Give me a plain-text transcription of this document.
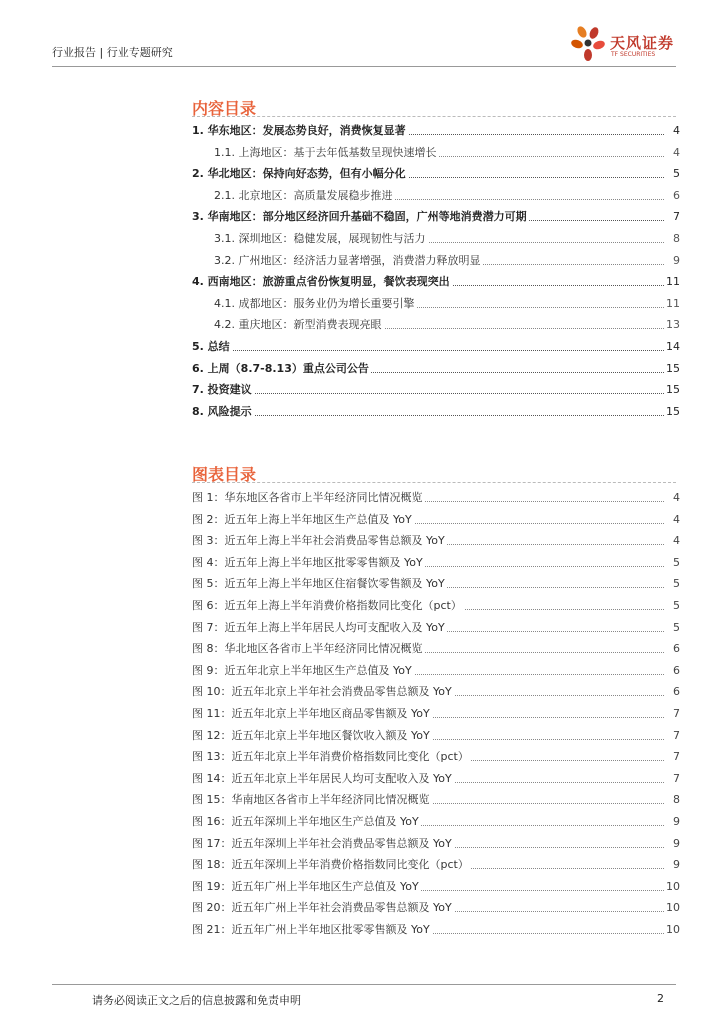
行业报告 | 行业专题研究
天风证券
TF SECURITIES
内容目录
1. 华东地区：发展态势良好，消费恢复显著	4
1.1. 上海地区：基于去年低基数呈现快速增长	4
2. 华北地区：保持向好态势，但有小幅分化	5
2.1. 北京地区：高质量发展稳步推进	6
3. 华南地区：部分地区经济回升基础不稳固，广州等地消费潜力可期	7
3.1. 深圳地区：稳健发展，展现韧性与活力	8
3.2. 广州地区：经济活力显著增强，消费潜力释放明显	9
4. 西南地区：旅游重点省份恢复明显，餐饮表现突出	11
4.1. 成都地区：服务业仍为增长重要引擎	11
4.2. 重庆地区：新型消费表现亮眼	13
5. 总结	14
6. 上周（8.7-8.13）重点公司公告	15
7. 投资建议	15
8. 风险提示	15
图表目录
图 1：华东地区各省市上半年经济同比情况概览	4
图 2：近五年上海上半年地区生产总值及 YoY	4
图 3：近五年上海上半年社会消费品零售总额及 YoY	4
图 4：近五年上海上半年地区批零零售额及 YoY	5
图 5：近五年上海上半年地区住宿餐饮零售额及 YoY	5
图 6：近五年上海上半年消费价格指数同比变化（pct）	5
图 7：近五年上海上半年居民人均可支配收入及 YoY	5
图 8：华北地区各省市上半年经济同比情况概览	6
图 9：近五年北京上半年地区生产总值及 YoY	6
图 10：近五年北京上半年社会消费品零售总额及 YoY	6
图 11：近五年北京上半年地区商品零售额及 YoY	7
图 12：近五年北京上半年地区餐饮收入额及 YoY	7
图 13：近五年北京上半年消费价格指数同比变化（pct）	7
图 14：近五年北京上半年居民人均可支配收入及 YoY	7
图 15：华南地区各省市上半年经济同比情况概览	8
图 16：近五年深圳上半年地区生产总值及 YoY	9
图 17：近五年深圳上半年社会消费品零售总额及 YoY	9
图 18：近五年深圳上半年消费价格指数同比变化（pct）	9
图 19：近五年广州上半年地区生产总值及 YoY	10
图 20：近五年广州上半年社会消费品零售总额及 YoY	10
图 21：近五年广州上半年地区批零零售额及 YoY	10
请务必阅读正文之后的信息披露和免责申明	2
